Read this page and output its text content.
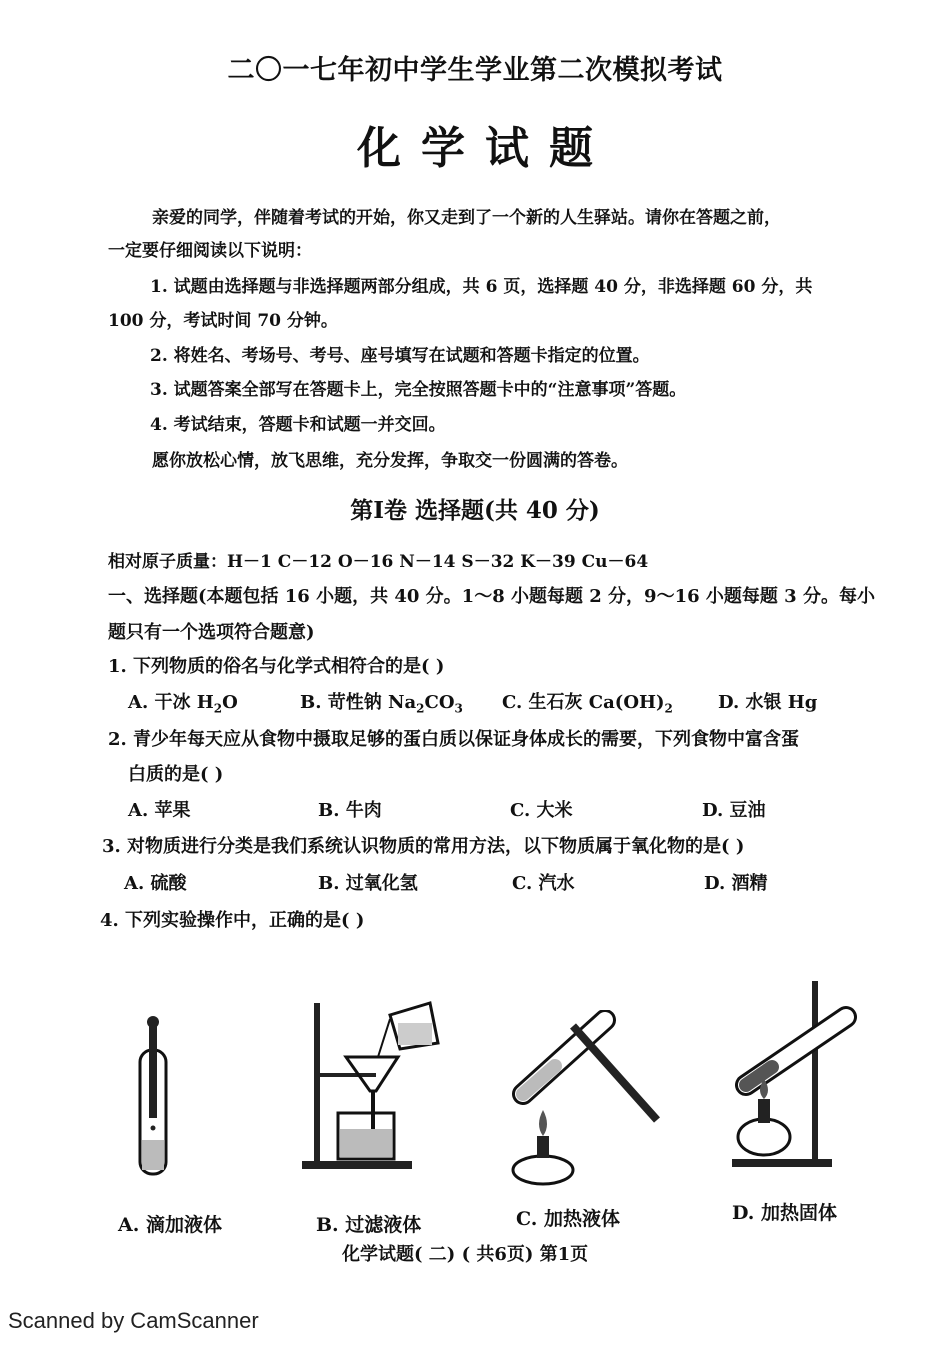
二〇一七年初中学生学业第二次模拟考试
化学试题
亲爱的同学，伴随着考试的开始，你又走到了一个新的人生驿站。请你在答题之前，
一定要仔细阅读以下说明：
1. 试题由选择题与非选择题两部分组成，共 6 页，选择题 40 分，非选择题 60 分，共
100 分，考试时间 70 分钟。
2. 将姓名、考场号、考号、座号填写在试题和答题卡指定的位置。
3. 试题答案全部写在答题卡上，完全按照答题卡中的“注意事项”答题。
4. 考试结束，答题卡和试题一并交回。
愿你放松心情，放飞思维，充分发挥，争取交一份圆满的答卷。
第Ⅰ卷 选择题(共 40 分)
相对原子质量：H－1 C－12 O－16 N－14 S－32 K－39 Cu－64
一、选择题(本题包括 16 小题，共 40 分。1～8 小题每题 2 分，9～16 小题每题 3 分。每小
题只有一个选项符合题意)
1. 下列物质的俗名与化学式相符合的是( )
A. 干冰 $H_2O$	B. 苛性钠 $Na_2CO_3$ C. 生石灰 $Ca(OH)_2$	D. 水银 Hg
2. 青少年每天应从食物中摄取足够的蛋白质以保证身体成长的需要，下列食物中富含蛋
白质的是( )
A. 苹果	B. 牛肉	C. 大米	D. 豆油
3. 对物质进行分类是我们系统认识物质的常用方法，以下物质属于氧化物的是( )
A. 硫酸	B. 过氧化氢	C. 汽水	D. 酒精
4. 下列实验操作中，正确的是( )
A. 滴加液体	B. 过滤液体	C. 加热液体	D. 加热固体
化学试题( 二) ( 共6页) 第1页
Scanned by CamScanner
